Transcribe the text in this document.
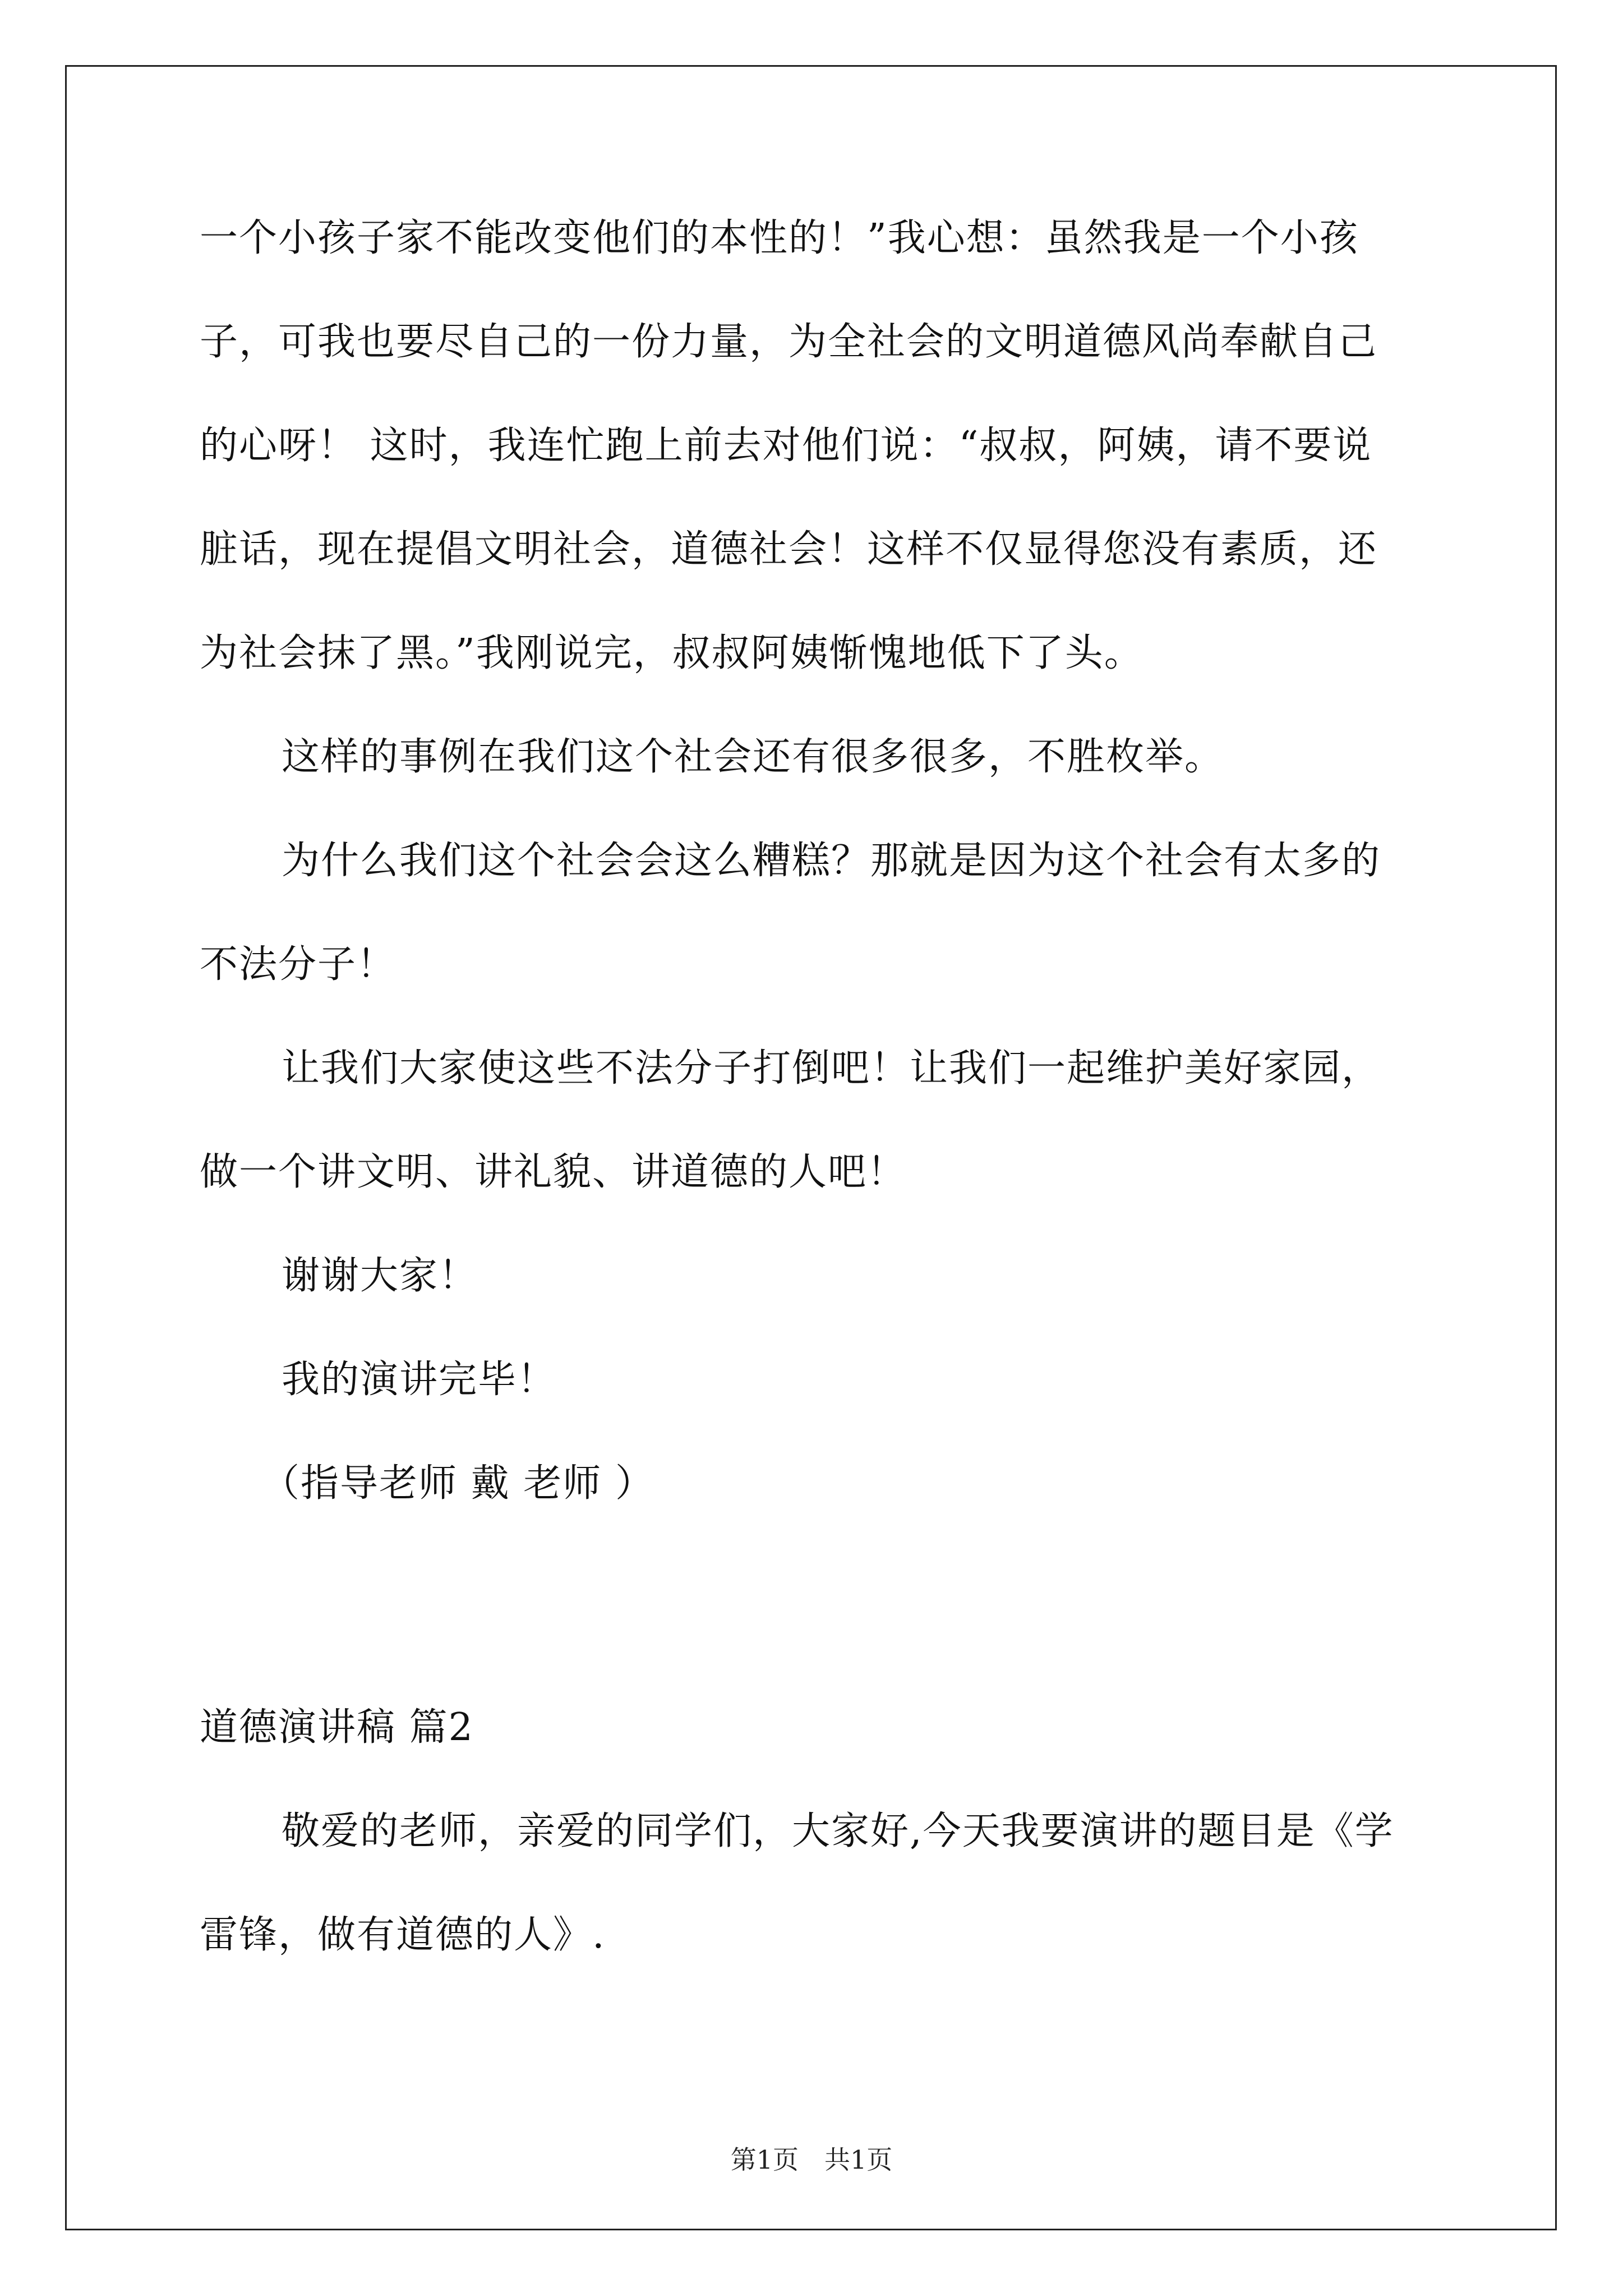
一个小孩子家不能改变他们的本性的！”我心想：虽然我是一个小孩
子，可我也要尽自己的一份力量，为全社会的文明道德风尚奉献自己
的心呀！ 这时，我连忙跑上前去对他们说：“叔叔，阿姨，请不要说
脏话，现在提倡文明社会，道德社会！这样不仅显得您没有素质，还
为社会抹了黑。”我刚说完，叔叔阿姨惭愧地低下了头。
这样的事例在我们这个社会还有很多很多，不胜枚举。
为什么我们这个社会会这么糟糕？那就是因为这个社会有太多的
不法分子！
让我们大家使这些不法分子打倒吧！让我们一起维护美好家园，
做一个讲文明、讲礼貌、讲道德的人吧！
谢谢大家！
我的演讲完毕！
（指导老师 戴 老师 ）
道德演讲稿 篇2
敬爱的老师，亲爱的同学们，大家好,今天我要演讲的题目是《学
雷锋，做有道德的人》.
第1页　共1页
